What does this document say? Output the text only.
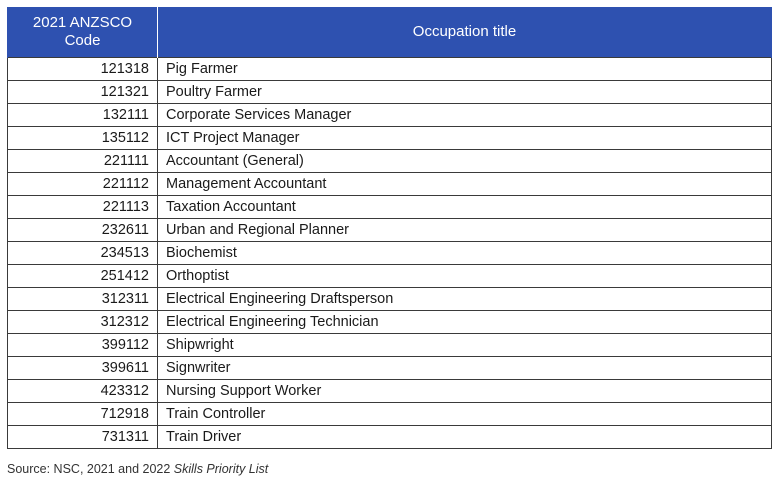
2021 ANZSCO
Code	Occupation title
121318	Pig Farmer
121321	Poultry Farmer
132111	Corporate Services Manager
135112	ICT Project Manager
221111	Accountant (General)
221112	Management Accountant
221113	Taxation Accountant
232611	Urban and Regional Planner
234513	Biochemist
251412	Orthoptist
312311	Electrical Engineering Draftsperson
312312	Electrical Engineering Technician
399112	Shipwright
399611	Signwriter
423312	Nursing Support Worker
712918	Train Controller
731311	Train Driver
Source: NSC, 2021 and 2022 Skills Priority List
